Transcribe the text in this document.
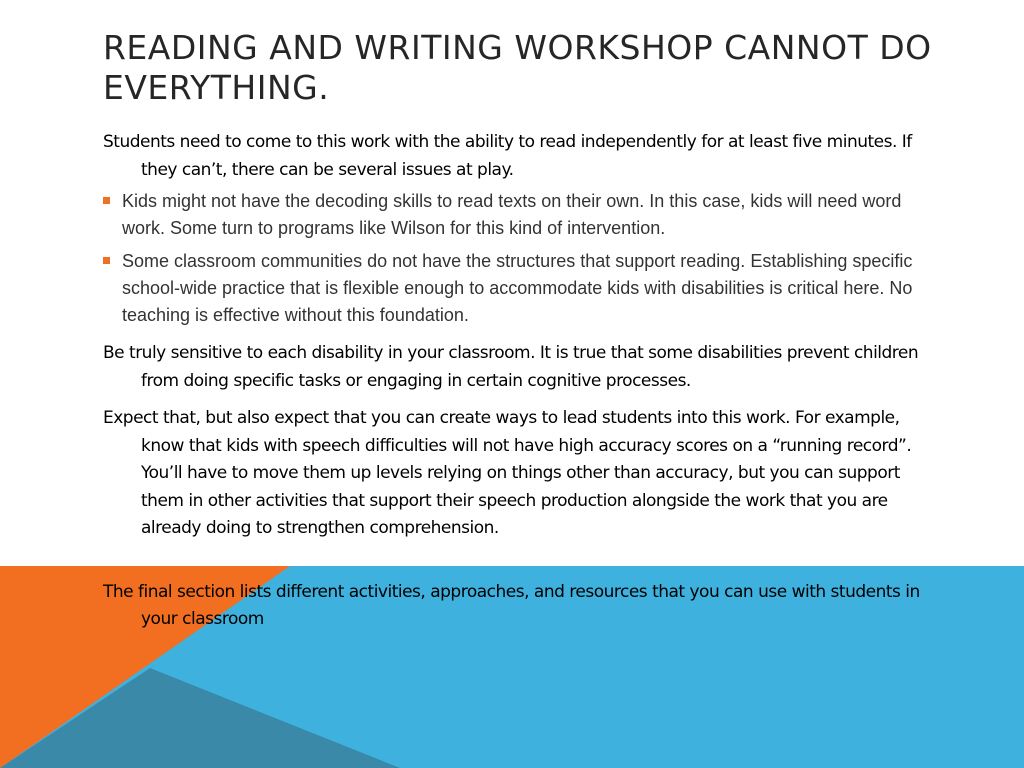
READING AND WRITING WORKSHOP CANNOT DO EVERYTHING.

Students need to come to this work with the ability to read independently for at least five minutes. If they can’t, there can be several issues at play.

Kids might not have the decoding skills to read texts on their own. In this case, kids will need word work. Some turn to programs like Wilson for this kind of intervention.
Some classroom communities do not have the structures that support reading. Establishing specific school-wide practice that is flexible enough to accommodate kids with disabilities is critical here. No teaching is effective without this foundation.

Be truly sensitive to each disability in your classroom. It is true that some disabilities prevent children from doing specific tasks or engaging in certain cognitive processes.

Expect that, but also expect that you can create ways to lead students into this work. For example, know that kids with speech difficulties will not have high accuracy scores on a “running record”. You’ll have to move them up levels relying on things other than accuracy, but you can support them in other activities that support their speech production alongside the work that you are already doing to strengthen comprehension.

The final section lists different activities, approaches, and resources that you can use with students in your classroom
